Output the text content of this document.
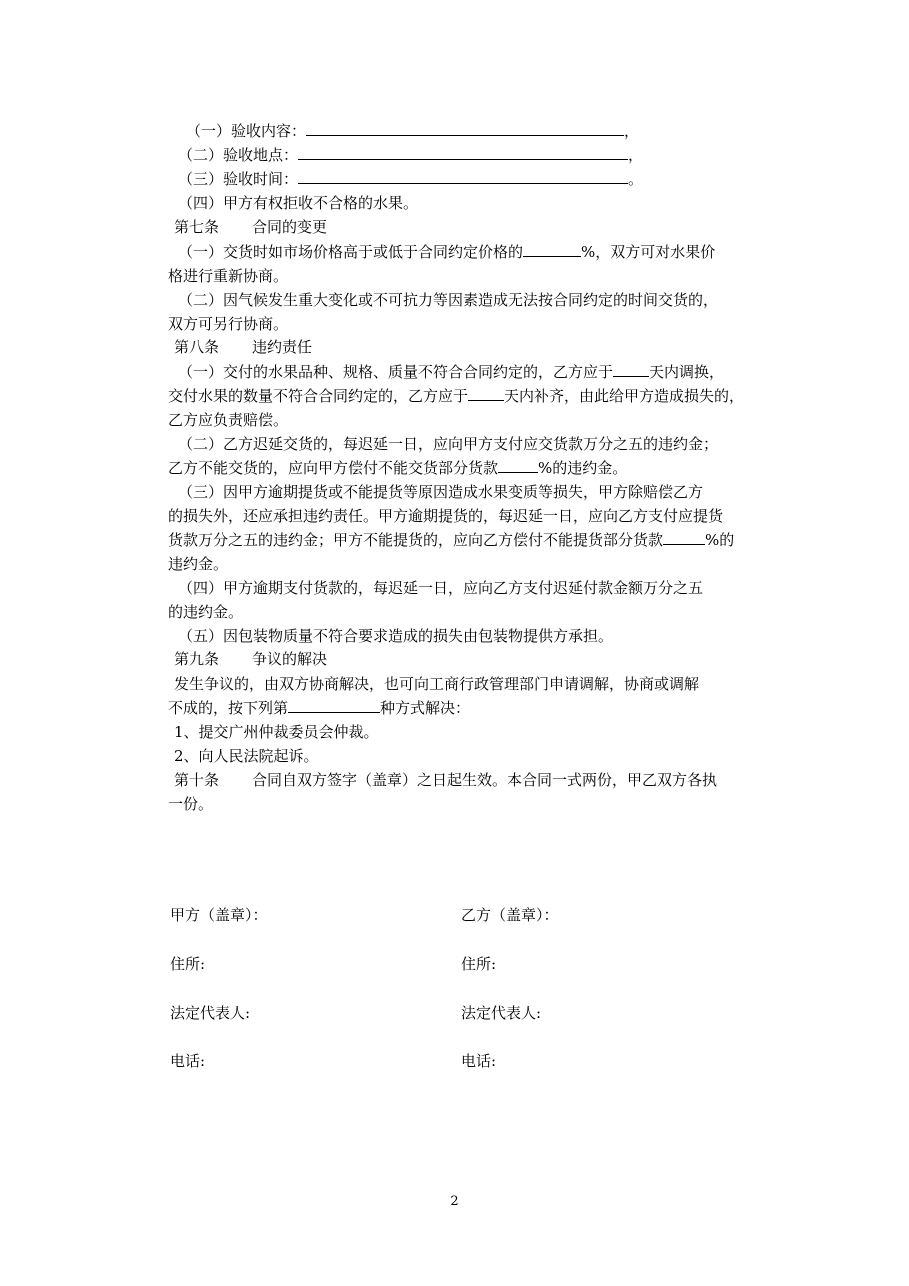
（一）验收内容：	，
（二）验收地点：	，
（三）验收时间：	。
（四）甲方有权拒收不合格的水果。
第七条 合同的变更
（一）交货时如市场价格高于或低于合同约定价格的	%，双方可对水果价
格进行重新协商。
（二）因气候发生重大变化或不可抗力等因素造成无法按合同约定的时间交货的，
双方可另行协商。
第八条 违约责任
（一）交付的水果品种、规格、质量不符合合同约定的，乙方应于 天内调换，
交付水果的数量不符合合同约定的，乙方应于 天内补齐，由此给甲方造成损失的，
乙方应负责赔偿。
（二）乙方迟延交货的，每迟延一日，应向甲方支付应交货款万分之五的违约金；
乙方不能交货的，应向甲方偿付不能交货部分货款	%的违约金。
（三）因甲方逾期提货或不能提货等原因造成水果变质等损失，甲方除赔偿乙方
的损失外，还应承担违约责任。甲方逾期提货的，每迟延一日，应向乙方支付应提货
货款万分之五的违约金；甲方不能提货的，应向乙方偿付不能提货部分货款	%的
违约金。
（四）甲方逾期支付货款的，每迟延一日，应向乙方支付迟延付款金额万分之五
的违约金。
（五）因包装物质量不符合要求造成的损失由包装物提供方承担。
第九条 争议的解决
发生争议的，由双方协商解决，也可向工商行政管理部门申请调解，协商或调解
不成的，按下列第	种方式解决：
1、提交广州仲裁委员会仲裁。
2、向人民法院起诉。
第十条 合同自双方签字（盖章）之日起生效。本合同一式两份，甲乙双方各执
一份。
甲方（盖章）：	乙方（盖章）：
住所:	住所:
法定代表人:	法定代表人:
电话:	电话:
2
